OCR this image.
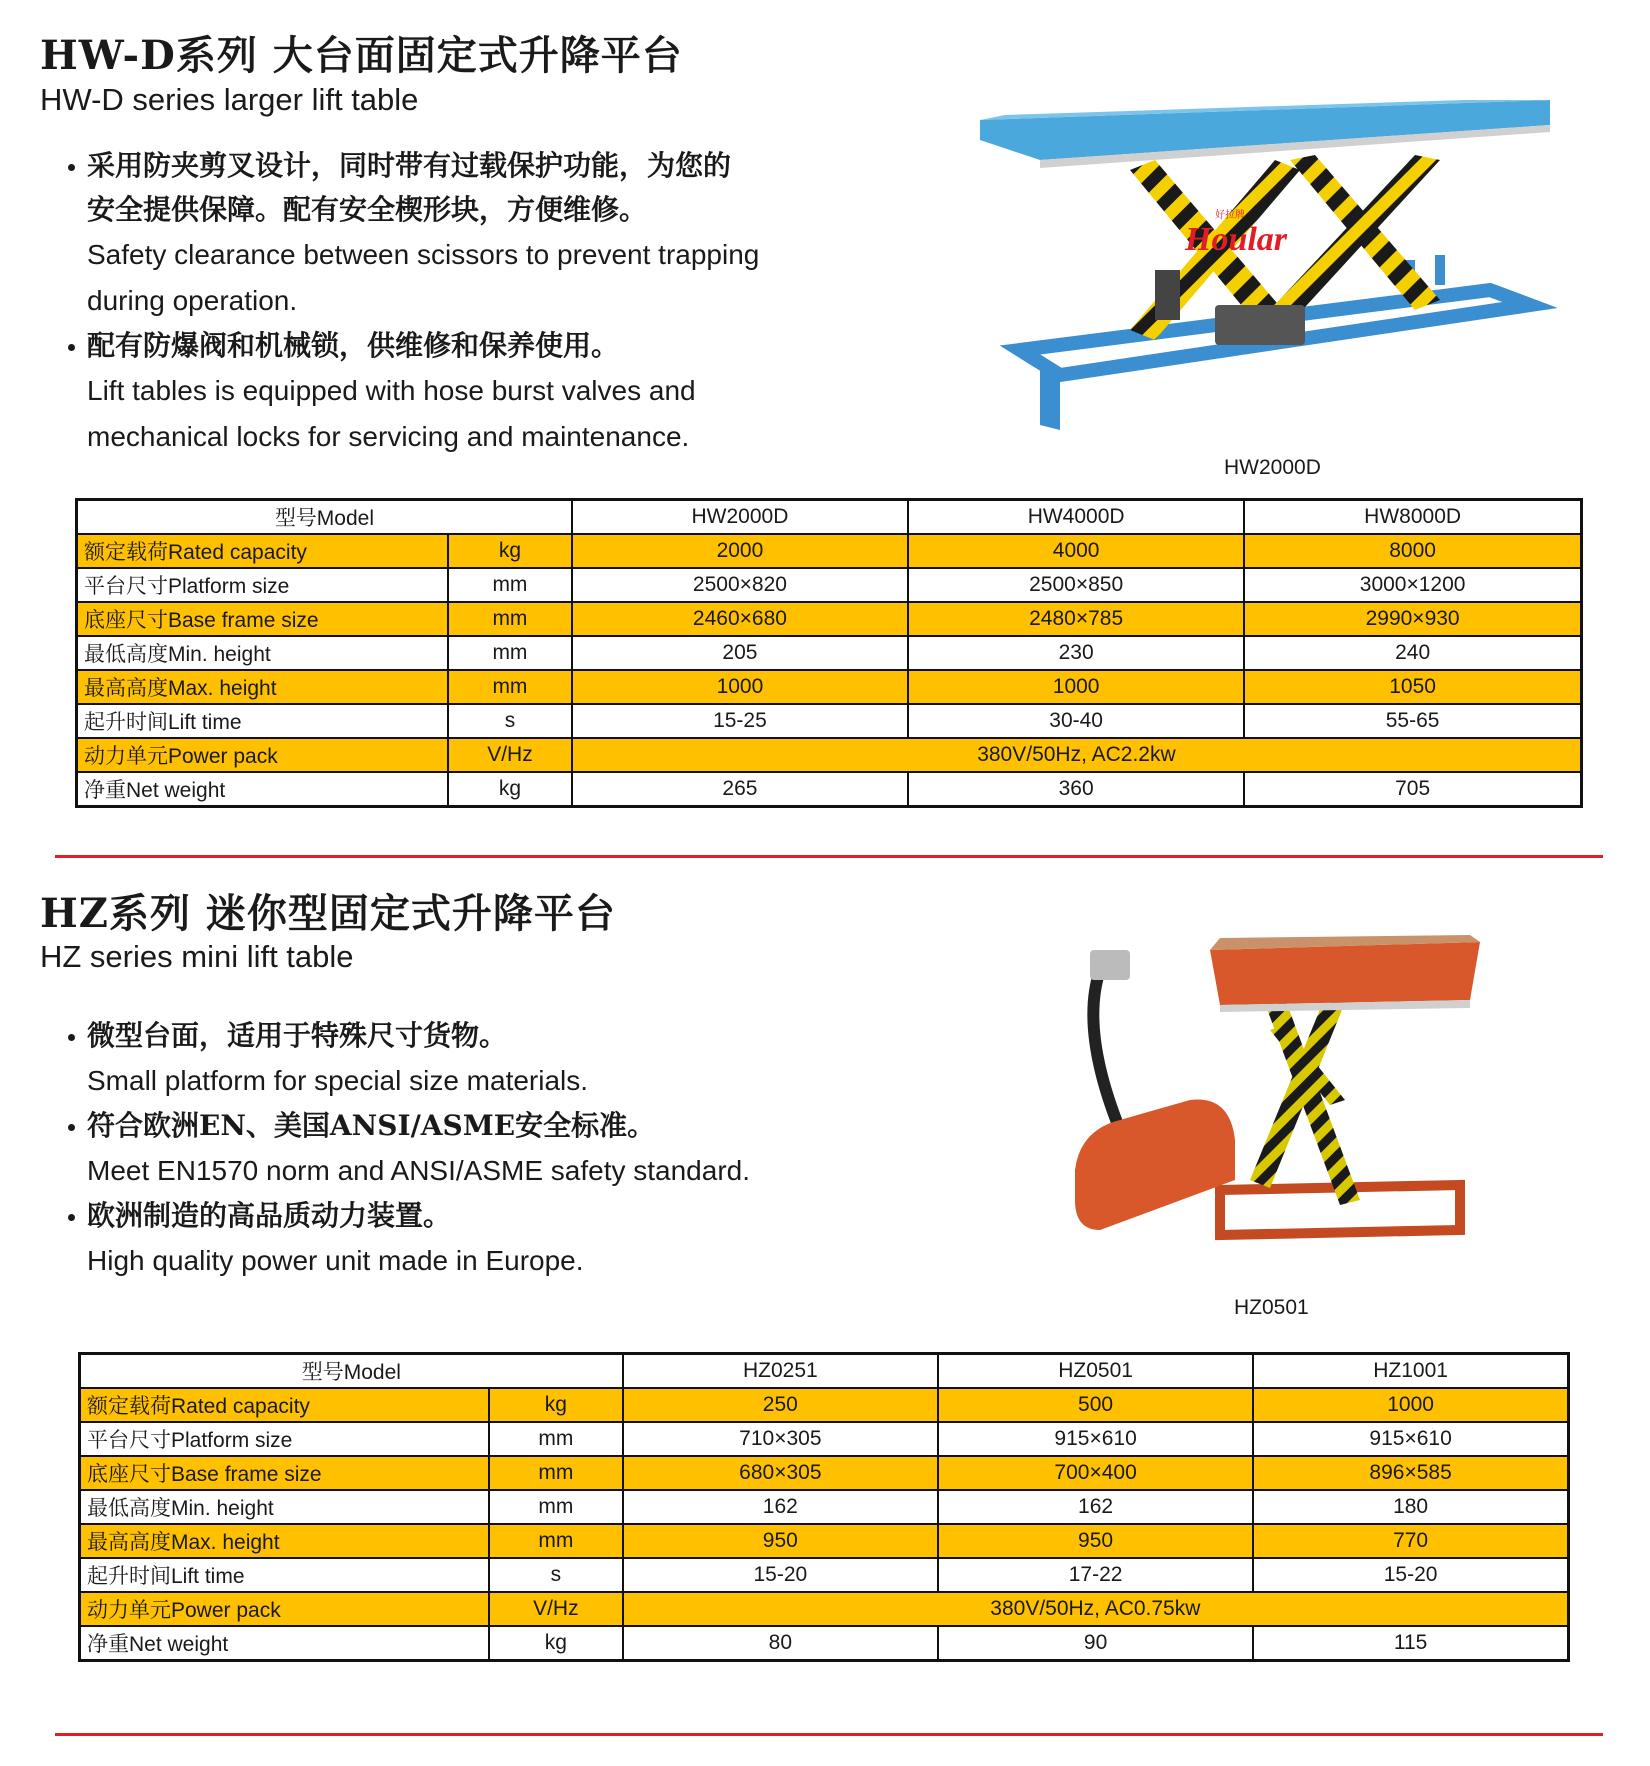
HW-D系列 大台面固定式升降平台
HW-D series larger lift table
采用防夹剪叉设计，同时带有过载保护功能，为您的
安全提供保障。配有安全楔形块，方便维修。
Safety clearance between scissors to prevent trapping
during operation.
配有防爆阀和机械锁，供维修和保养使用。
Lift tables is equipped with hose burst valves and
mechanical locks for servicing and maintenance.
Hoular
好拉牌
HW2000D
型号Model		HW2000D	HW4000D	HW8000D
额定载荷Rated capacity	kg	2000	4000	8000
平台尺寸Platform size	mm	2500×820	2500×850	3000×1200
底座尺寸Base frame size	mm	2460×680	2480×785	2990×930
最低高度Min. height	mm	205	230	240
最高高度Max. height	mm	1000	1000	1050
起升时间Lift time	s	15-25	30-40	55-65
动力单元Power pack	V/Hz	380V/50Hz, AC2.2kw		
净重Net weight	kg	265	360	705
HZ系列 迷你型固定式升降平台
HZ series mini lift table
微型台面，适用于特殊尺寸货物。
Small platform for special size materials.
符合欧洲EN、美国ANSI/ASME安全标准。
Meet EN1570 norm and ANSI/ASME safety standard.
欧洲制造的高品质动力装置。
High quality power unit made in Europe.
HZ0501
型号Model		HZ0251	HZ0501	HZ1001
额定载荷Rated capacity	kg	250	500	1000
平台尺寸Platform size	mm	710×305	915×610	915×610
底座尺寸Base frame size	mm	680×305	700×400	896×585
最低高度Min. height	mm	162	162	180
最高高度Max. height	mm	950	950	770
起升时间Lift time	s	15-20	17-22	15-20
动力单元Power pack	V/Hz	380V/50Hz, AC0.75kw		
净重Net weight	kg	80	90	115
